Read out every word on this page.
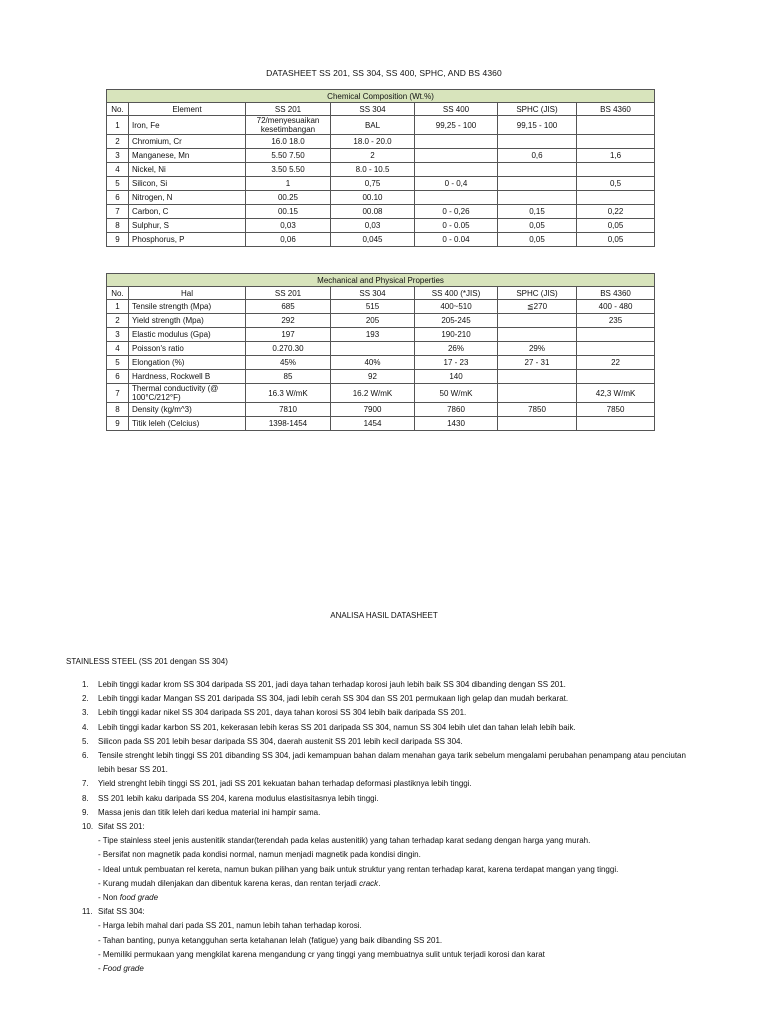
DATASHEET SS 201, SS 304, SS 400, SPHC, AND BS 4360
Chemical Composition (Wt.%)						
No.	Element	SS 201	SS 304	SS 400	SPHC (JIS)	BS 4360
1	Iron, Fe	72/menyesuaikan kesetimbangan	BAL	99,25 - 100	99,15 - 100	
2	Chromium, Cr	16.0 18.0	18.0 - 20.0			
3	Manganese, Mn	5.50 7.50	2		0,6	1,6
4	Nickel, Ni	3.50 5.50	8.0 - 10.5			
5	Silicon, Si	1	0,75	0 - 0,4		0,5
6	Nitrogen, N	00.25	00.10			
7	Carbon, C	00.15	00.08	0 - 0,26	0,15	0,22
8	Sulphur, S	0,03	0,03	0 - 0.05	0,05	0,05
9	Phosphorus, P	0,06	0,045	0 - 0.04	0,05	0,05
Mechanical and Physical Properties						
No.	Hal	SS 201	SS 304	SS 400 (*JIS)	SPHC (JIS)	BS 4360
1	Tensile strength (Mpa)	685	515	400~510	≦270	400 - 480
2	Yield strength (Mpa)	292	205	205-245		235
3	Elastic modulus (Gpa)	197	193	190-210		
4	Poisson's ratio	0.270.30		26%	29%	
5	Elongation (%)	45%	40%	17 - 23	27 - 31	22
6	Hardness, Rockwell B	85	92	140		
7	Thermal conductivity (@ 100°C/212°F)	16.3 W/mK	16.2 W/mK	50 W/mK		42,3 W/mK
8	Density (kg/m^3)	7810	7900	7860	7850	7850
9	Titik leleh (Celcius)	1398-1454	1454	1430		
ANALISA HASIL DATASHEET
STAINLESS STEEL (SS 201 dengan SS 304)
1. Lebih tinggi kadar krom SS 304 daripada SS 201, jadi daya tahan terhadap korosi jauh lebih baik SS 304 dibanding dengan SS 201.
2. Lebih tinggi kadar Mangan SS 201 daripada SS 304, jadi lebih cerah SS 304 dan SS 201 permukaan ligh gelap dan mudah berkarat.
3. Lebih tinggi kadar nikel SS 304 daripada SS 201, daya tahan korosi SS 304 lebih baik daripada SS 201.
4. Lebih tinggi kadar karbon SS 201, kekerasan lebih keras SS 201 daripada SS 304, namun SS 304 lebih ulet dan tahan lelah lebih baik.
5. Silicon pada SS 201 lebih besar daripada SS 304, daerah austenit SS 201 lebih kecil daripada SS 304.
6. Tensile strenght lebih tinggi SS 201 dibanding SS 304, jadi kemampuan bahan dalam menahan gaya tarik sebelum mengalami perubahan penampang atau penciutan lebih besar SS 201.
7. Yield strenght lebih tinggi SS 201, jadi SS 201 kekuatan bahan terhadap deformasi plastiknya lebih tinggi.
8. SS 201 lebih kaku daripada SS 204, karena modulus elastisitasnya lebih tinggi.
9. Massa jenis dan titik leleh dari kedua material ini hampir sama.
10. Sifat SS 201:
- Tipe stainless steel jenis austenitik standar(terendah pada kelas austenitik) yang tahan terhadap karat sedang dengan harga yang murah.
- Bersifat non magnetik pada kondisi normal, namun menjadi magnetik pada kondisi dingin.
- Ideal untuk pembuatan rel kereta, namun bukan pilihan yang baik untuk struktur yang rentan terhadap karat, karena terdapat mangan yang tinggi.
- Kurang mudah dilenjakan dan dibentuk karena keras, dan rentan terjadi crack.
- Non food grade
11. Sifat SS 304:
- Harga lebih mahal dari pada SS 201, namun lebih tahan terhadap korosi.
- Tahan banting, punya ketangguhan serta ketahanan lelah (fatigue) yang baik dibanding SS 201.
- Memiliki permukaan yang mengkilat karena mengandung cr yang tinggi yang membuatnya sulit untuk terjadi korosi dan karat
- Food grade
